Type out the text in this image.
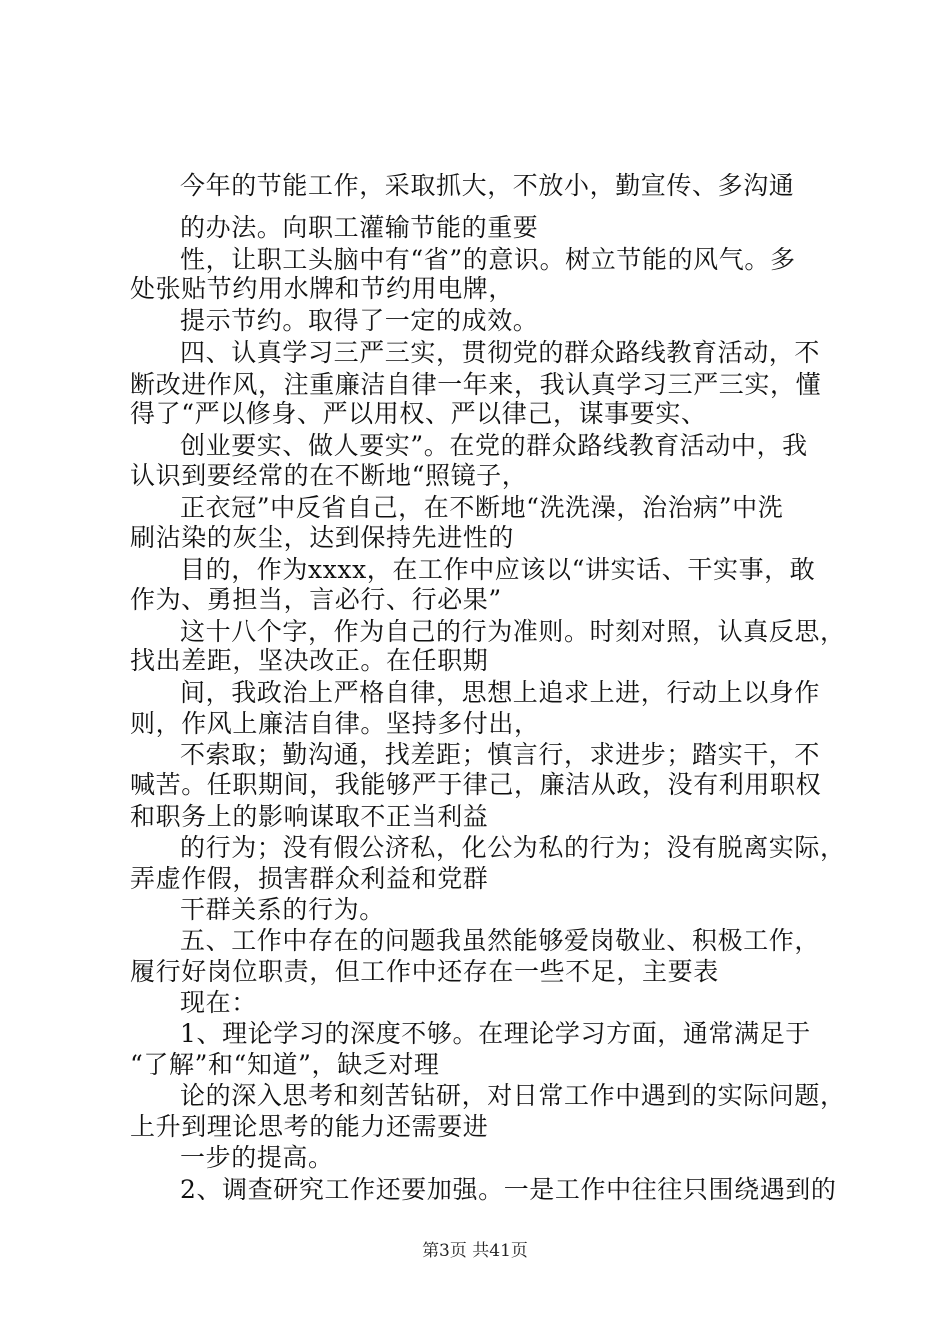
今年的节能工作，采取抓大，不放小，勤宣传、多沟通
的办法。向职工灌输节能的重要
性，让职工头脑中有“省”的意识。树立节能的风气。多
处张贴节约用水牌和节约用电牌，
提示节约。取得了一定的成效。
四、认真学习三严三实，贯彻党的群众路线教育活动，不
断改进作风，注重廉洁自律一年来，我认真学习三严三实，懂
得了“严以修身、严以用权、严以律己，谋事要实、
创业要实、做人要实”。在党的群众路线教育活动中，我
认识到要经常的在不断地“照镜子，
正衣冠”中反省自己，在不断地“洗洗澡，治治病”中洗
刷沾染的灰尘，达到保持先进性的
目的，作为xxxx，在工作中应该以“讲实话、干实事，敢
作为、勇担当，言必行、行必果”
这十八个字，作为自己的行为准则。时刻对照，认真反思，
找出差距，坚决改正。在任职期
间，我政治上严格自律，思想上追求上进，行动上以身作
则，作风上廉洁自律。坚持多付出，
不索取；勤沟通，找差距；慎言行，求进步；踏实干，不
喊苦。任职期间，我能够严于律己，廉洁从政，没有利用职权
和职务上的影响谋取不正当利益
的行为；没有假公济私，化公为私的行为；没有脱离实际，
弄虚作假，损害群众利益和党群
干群关系的行为。
五、工作中存在的问题我虽然能够爱岗敬业、积极工作，
履行好岗位职责，但工作中还存在一些不足，主要表
现在：
1、理论学习的深度不够。在理论学习方面，通常满足于
“了解”和“知道”，缺乏对理
论的深入思考和刻苦钻研，对日常工作中遇到的实际问题，
上升到理论思考的能力还需要进
一步的提高。
2、调查研究工作还要加强。一是工作中往往只围绕遇到的
第3页 共41页
